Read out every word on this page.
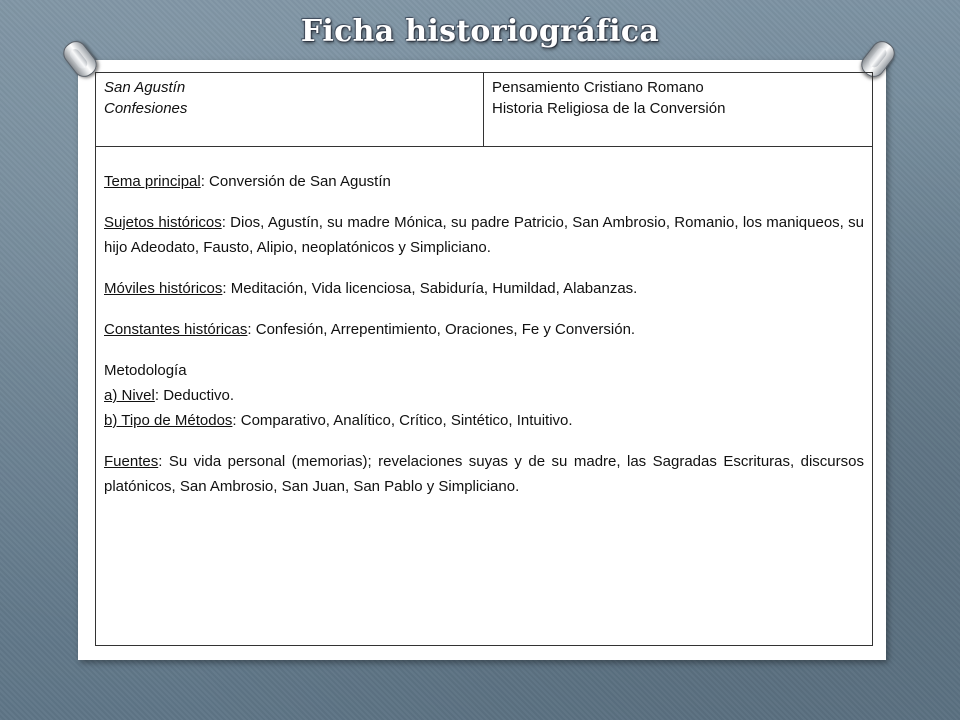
Ficha historiográfica
San Agustín
Confesiones
Pensamiento Cristiano Romano
Historia Religiosa de la Conversión

Tema principal: Conversión de San Agustín

Sujetos históricos: Dios, Agustín, su madre Mónica, su padre Patricio, San Ambrosio, Romanio, los maniqueos, su hijo Adeodato, Fausto, Alipio, neoplatónicos y Simpliciano.

Móviles históricos: Meditación, Vida licenciosa, Sabiduría, Humildad, Alabanzas.

Constantes históricas: Confesión, Arrepentimiento, Oraciones, Fe y Conversión.

Metodología

a) Nivel: Deductivo.

b) Tipo de Métodos: Comparativo, Analítico, Crítico, Sintético, Intuitivo.

Fuentes: Su vida personal (memorias); revelaciones suyas y de su madre, las Sagradas Escrituras, discursos platónicos, San Ambrosio, San Juan, San Pablo y Simpliciano.
